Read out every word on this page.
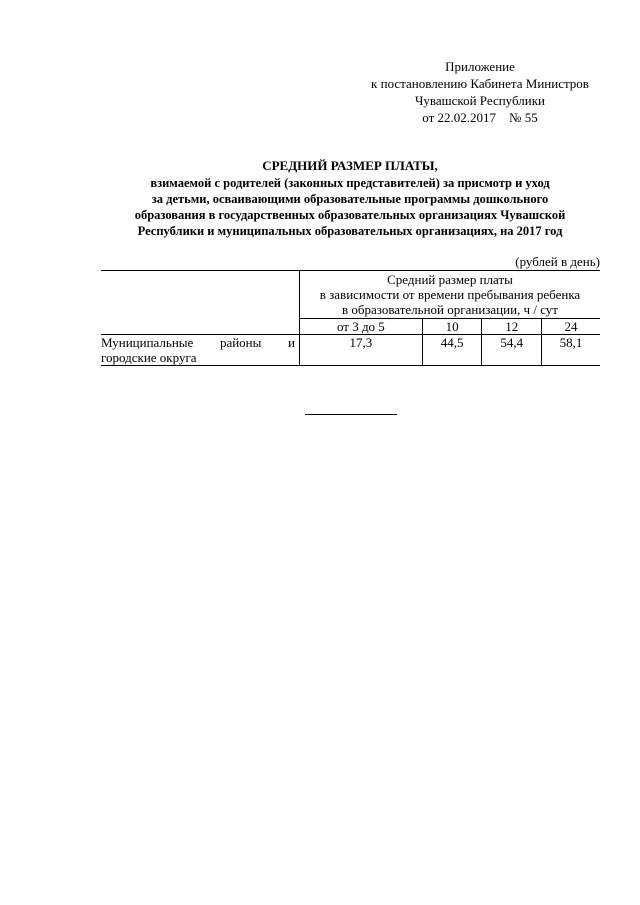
Приложение
к постановлению Кабинета Министров
Чувашской Республики
от 22.02.2017    № 55
СРЕДНИЙ РАЗМЕР ПЛАТЫ,
взимаемой с родителей (законных представителей) за присмотр и уход
за детьми, осваивающими образовательные программы дошкольного
образования в государственных образовательных организациях Чувашской
Республики и муниципальных образовательных организациях, на 2017 год
(рублей в день)

	Средний размер платы
в зависимости от времени пребывания ребенка
в образовательной организации, ч / сут			

	от 3 до 5	10	12	24

Муниципальные районы и
городские округа	17,3	44,5	54,4	58,1
